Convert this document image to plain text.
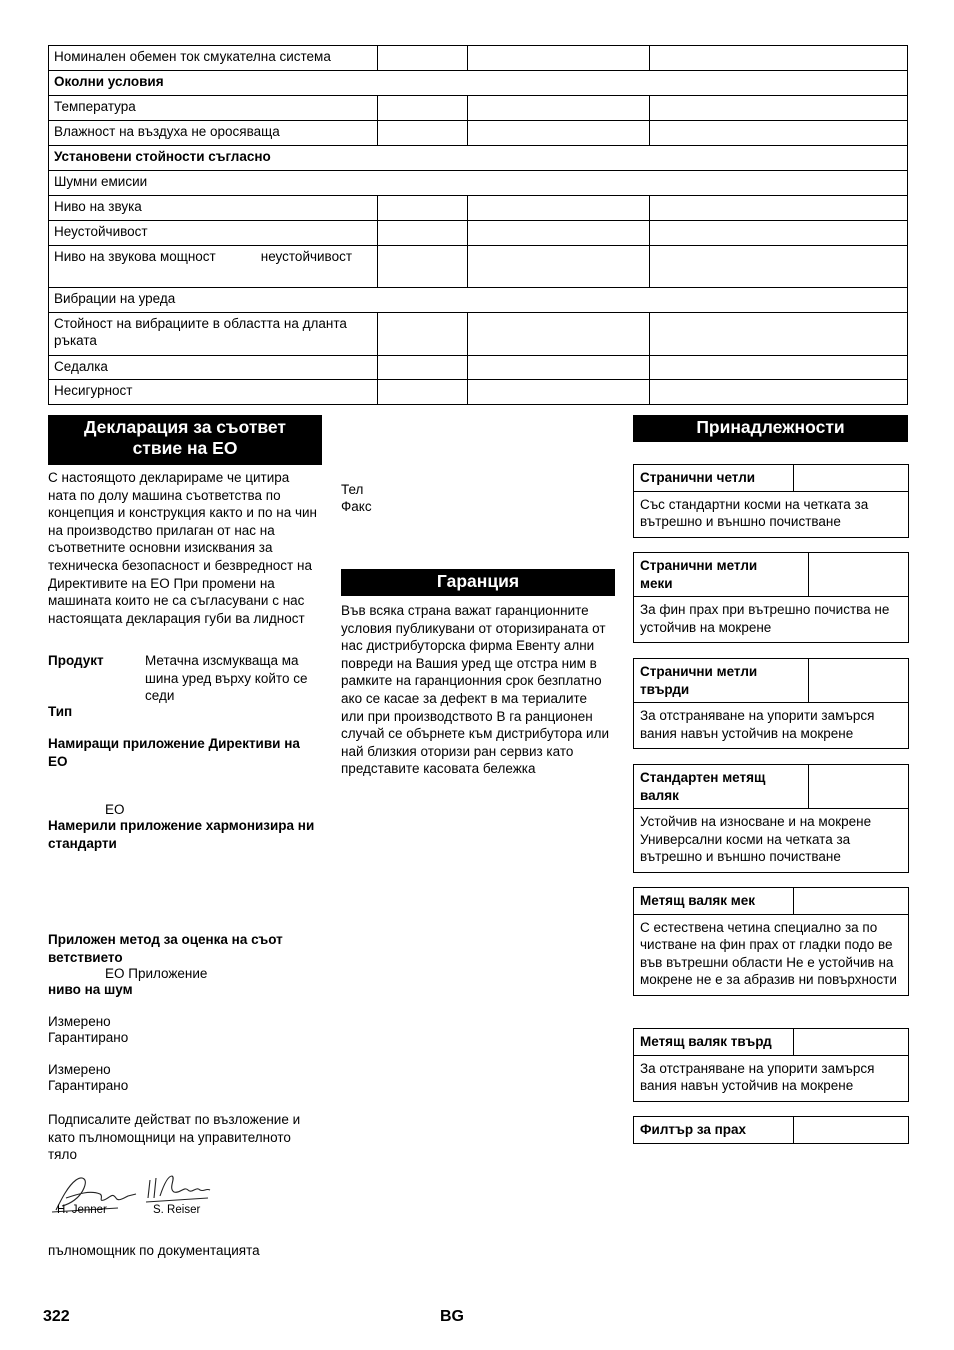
Номинален обемен ток смукателна система			
Околни условия			
Температура			
Влажност на въздуха не оросяваща			
Установени стойности съгласно			
Шумни емисии			
Ниво на звука			
Неустойчивост			
Ниво на звукова мощност            неустойчивост			
Вибрации на уреда			
Стойност на вибрациите в областта на дланта ръката			
Седалка			
Несигурност			
Декларация за съответ ствие на ЕО
С настоящото декларираме че цитира ната по долу машина съответства по концепция и конструкция както и по на чин на производство прилаган от нас на съответните основни изисквания за техническа безопасност и безвредност на Директивите на ЕО При промени на машината които не са съгласувани с нас настоящата декларация губи ва лидност
Продукт	Метачна изсмукваща ма шина уред върху който се седи
Тип
Намиращи приложение Директиви на ЕО
ЕО
Намерили приложение хармонизира ни стандарти
Приложен метод за оценка на съот ветствието
ЕО Приложение
ниво на шум
Измерено
Гарантирано
Измерено
Гарантирано
Подписалите действат по възложение и като пълномощници на управителното тяло
H. Jenner	S. Reiser
пълномощник по документацията
Тел
Факс
Гаранция
Във всяка страна важат гаранционните условия публикувани от оторизираната от нас дистрибуторска фирма Евенту ални повреди на Вашия уред ще отстра ним в рамките на гаранционния срок безплатно ако се касае за дефект в ма териалите или при производството В га ранционен случай се обърнете към дистрибутора или най близкия оторизи ран сервиз като представите касовата бележка
Принадлежности
Странични четли
Със стандартни косми на четката за вътрешно и външно почистване
Странични метли меки
За фин прах при вътрешно почиства не устойчив на мокрене
Странични метли твърди
За отстраняване на упорити замърся вания навън устойчив на мокрене
Стандартен метящ валяк
Устойчив на износване и на мокрене Универсални косми на четката за вътрешно и външно почистване
Метящ валяк мек
С естествена четина специално за по чистване на фин прах от гладки подо ве във вътрешни области Не е устойчив на мокрене не е за абразив ни повърхности
Метящ валяк твърд
За отстраняване на упорити замърся вания навън устойчив на мокрене
Филтър за прах
322	BG
